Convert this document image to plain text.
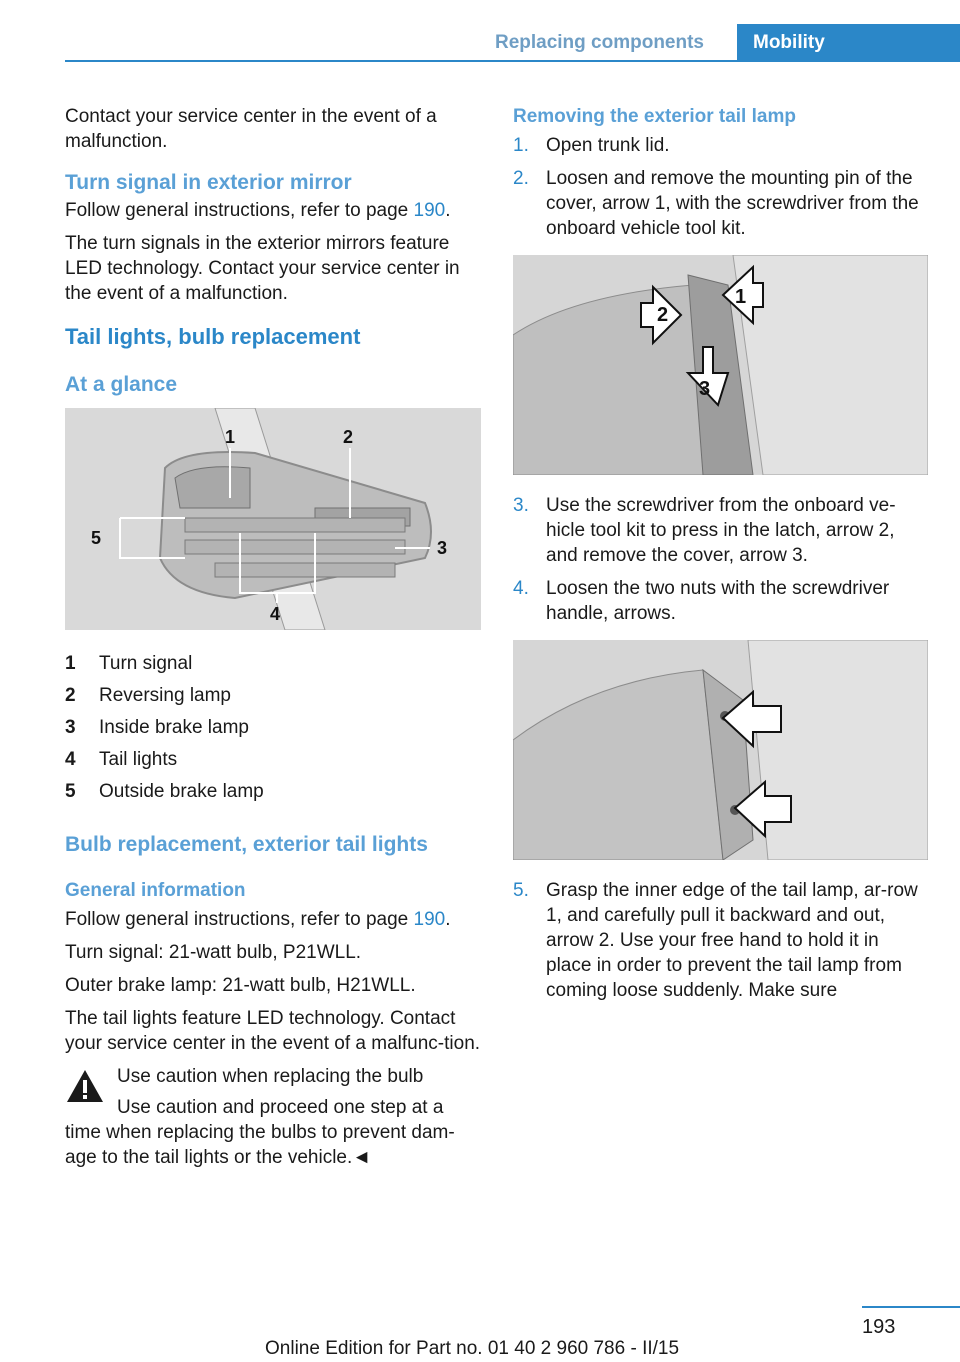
Replacing components	Mobility

Contact your service center in the event of a malfunction.

Turn signal in exterior mirror

Follow general instructions, refer to page 190.

The turn signals in the exterior mirrors feature LED technology. Contact your service center in the event of a malfunction.

Tail lights, bulb replacement
At a glance
1	2
3
4
5
1	Turn signal
2	Reversing lamp
3	Inside brake lamp
4	Tail lights
5	Outside brake lamp
Bulb replacement, exterior tail lights
General information

Follow general instructions, refer to page 190.

Turn signal: 21-watt bulb, P21WLL.

Outer brake lamp: 21-watt bulb, H21WLL.

The tail lights feature LED technology. Contact your service center in the event of a malfunc-tion.

Use caution when replacing the bulb
Use caution and proceed one step at a
time when replacing the bulbs to prevent dam-age to the tail lights or the vehicle.◄
Removing the exterior tail lamp
1. Open trunk lid.
2. Loosen and remove the mounting pin of the cover, arrow 1, with the screwdriver from the onboard vehicle tool kit.
1
2
3
3. Use the screwdriver from the onboard ve-hicle tool kit to press in the latch, arrow 2, and remove the cover, arrow 3.
4. Loosen the two nuts with the screwdriver handle, arrows.
5. Grasp the inner edge of the tail lamp, ar-row 1, and carefully pull it backward and out, arrow 2. Use your free hand to hold it in place in order to prevent the tail lamp from coming loose suddenly. Make sure
193
Online Edition for Part no. 01 40 2 960 786 - II/15
